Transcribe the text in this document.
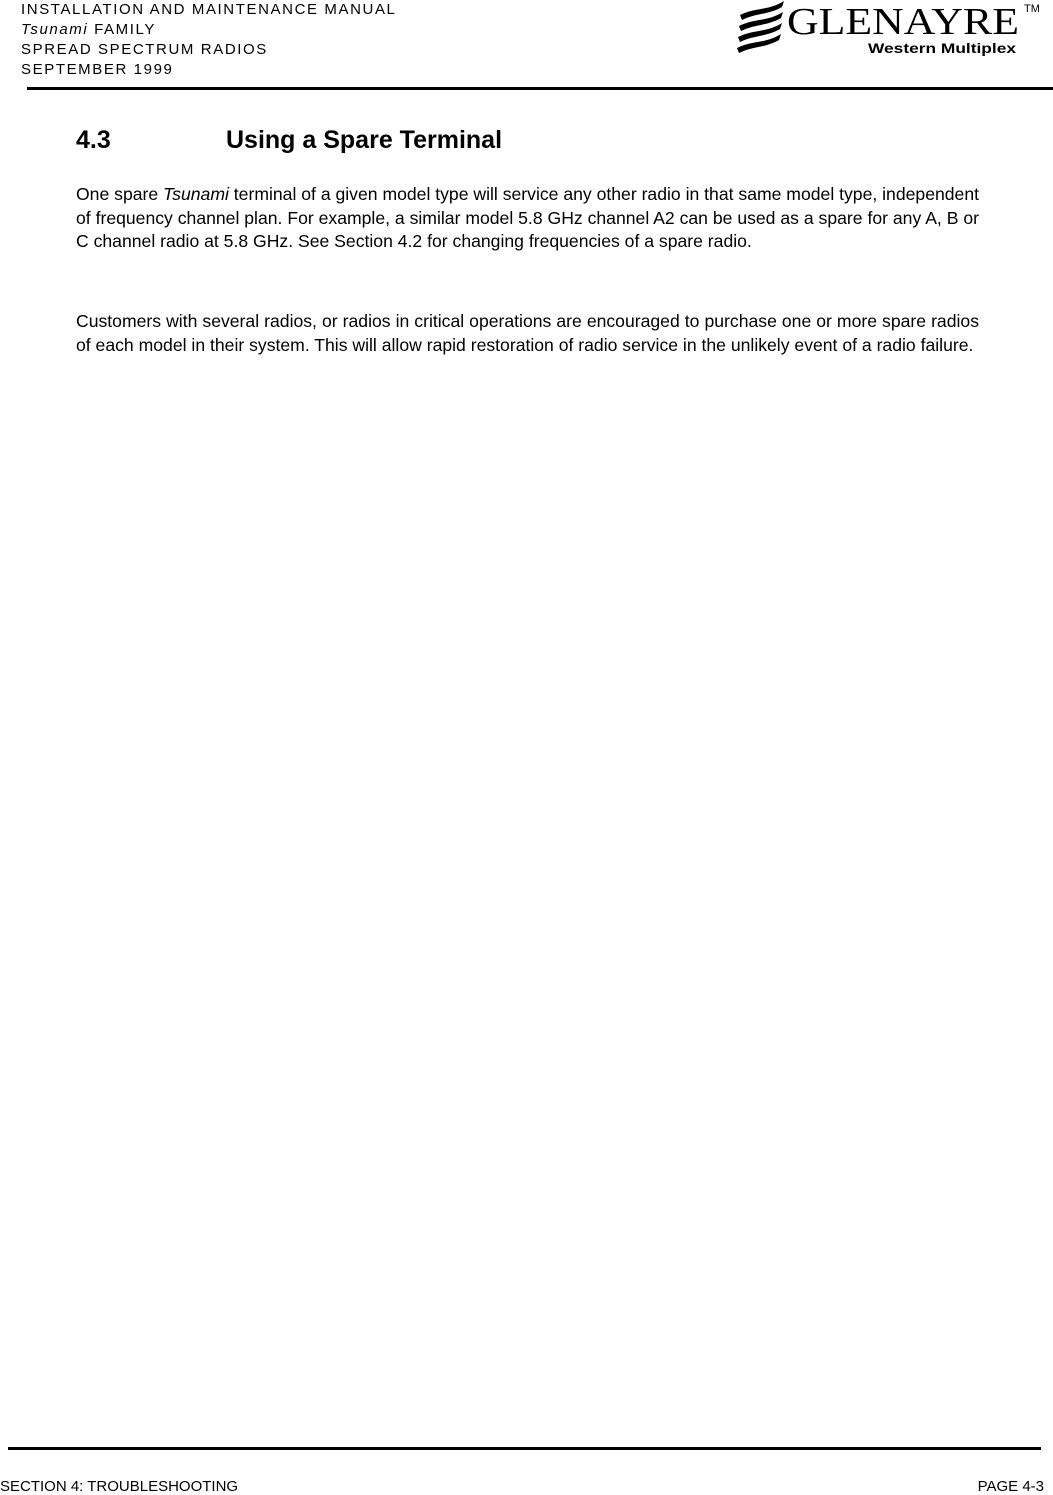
INSTALLATION AND MAINTENANCE MANUAL
Tsunami FAMILY
SPREAD SPECTRUM RADIOS
SEPTEMBER 1999
GLENAYRE TM
Western Multiplex
4.3	Using a Spare Terminal

One spare Tsunami terminal of a given model type will service any other radio in that same model type, independent of frequency channel plan. For example, a similar model 5.8 GHz channel A2 can be used as a spare for any A, B or C channel radio at 5.8 GHz. See Section 4.2 for changing frequencies of a spare radio.

Customers with several radios, or radios in critical operations are encouraged to purchase one or more spare radios of each model in their system. This will allow rapid restoration of radio service in the unlikely event of a radio failure.

SECTION 4: TROUBLESHOOTING	PAGE 4-3
